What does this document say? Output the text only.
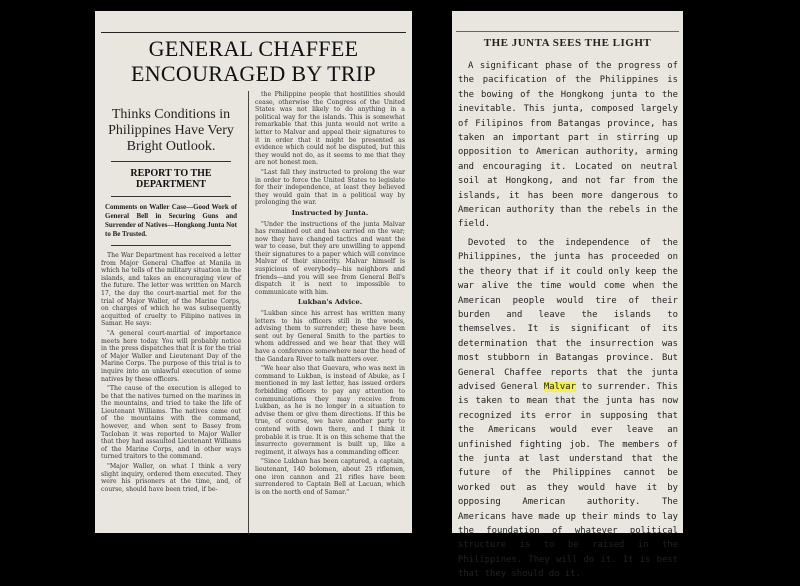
GENERAL CHAFFEE
ENCOURAGED BY TRIP
Thinks Conditions in Philippines Have Very Bright Outlook.
REPORT TO THE DEPARTMENT
Comments on Waller Case—Good Work of General Bell in Securing Guns and Surrender of Natives—Hongkong Junta Not to Be Trusted.

The War Department has received a letter from Major General Chaffee at Manila in which he tells of the military situation in the islands, and takes an encouraging view of the future. The letter was written on March 17, the day the court-martial met for the trial of Major Waller, of the Marine Corps, on charges of which he was subsequently acquitted of cruelty to Filipino natives in Samar. He says:

"A general court-martial of importance meets here today. You will probably notice in the press dispatches that it is for the trial of Major Waller and Lieutenant Day of the Marine Corps. The purpose of this trial is to inquire into an unlawful execution of some natives by these officers.

"The cause of the execution is alleged to be that the natives turned on the marines in the mountains, and tried to take the life of Lieutenant Williams. The natives came out of the mountains with the command, however, and when sent to Basey from Tacloban it was reported to Major Waller that they had assaulted Lieutenant Williams of the Marine Corps, and in other ways turned traitors to the command.

"Major Waller, on what I think a very slight inquiry, ordered them executed. They were his prisoners at the time, and, of course, should have been tried, if be-

the Philippine people that hostilities should cease, otherwise the Congress of the United States was not likely to do anything in a political way for the islands. This is somewhat remarkable that this junta would not write a letter to Malvar and appeal their signatures to it in order that it might be presented as evidence which could not be disputed, but this they would not do, as it seems to me that they are not honest men.

"Last fall they instructed to prolong the war in order to force the United States to legislate for their independence, at least they believed they would gain that in a political way by prolonging the war.

Instructed by Junta.

"Under the instructions of the junta Malvar has remained out and has carried on the war; now they have changed tactics and want the war to cease, but they are unwilling to append their signatures to a paper which will convince Malvar of their sincerity. Malvar himself is suspicious of everybody—his neighbors and friends—and you will see from General Bell's dispatch it is next to impossible to communicate with him.

Lukban's Advice.

"Lukban since his arrest has written many letters to his officers still in the woods, advising them to surrender; these have been sent out by General Smith to the parties to whom addressed and we hear that they will have a conference somewhere near the head of the Gandara River to talk matters over.

"We hear also that Guevara, who was next in command to Lukban, is instead of Abuke, as I mentioned in my last letter, has issued orders forbidding officers to pay any attention to communications they may receive from Lukban, as he is no longer in a situation to advise them or give them directions. If this be true, of course, we have another party to contend with down there, and I think it probable it is true. It is on this scheme that the insurrecto government is built up, like a regiment, it always has a commanding officer.

"Since Lukban has been captured, a captain, lieutenant, 140 bolomen, about 25 riflemen, one iron cannon and 21 rifles have been surrendered to Captain Bell at Lacuan, which is on the north end of Samar."

THE JUNTA SEES THE LIGHT

A significant phase of the progress of the pacification of the Philippines is the bowing of the Hongkong junta to the inevitable. This junta, composed largely of Filipinos from Batangas province, has taken an important part in stirring up opposition to American authority, arming and encouraging it. Located on neutral soil at Hongkong, and not far from the islands, it has been more dangerous to American authority than the rebels in the field.

Devoted to the independence of the Philippines, the junta has proceeded on the theory that if it could only keep the war alive the time would come when the American people would tire of their burden and leave the islands to themselves. It is significant of its determination that the insurrection was most stubborn in Batangas province. But General Chaffee reports that the junta advised General Malvar to surrender. This is taken to mean that the junta has now recognized its error in supposing that the Americans would ever leave an unfinished fighting job. The members of the junta at last understand that the future of the Philippines cannot be worked out as they would have it by opposing American authority. The Americans have made up their minds to lay the foundation of whatever political structure is to be raised in the Philippines. They will do it. It is best that they should do it.
